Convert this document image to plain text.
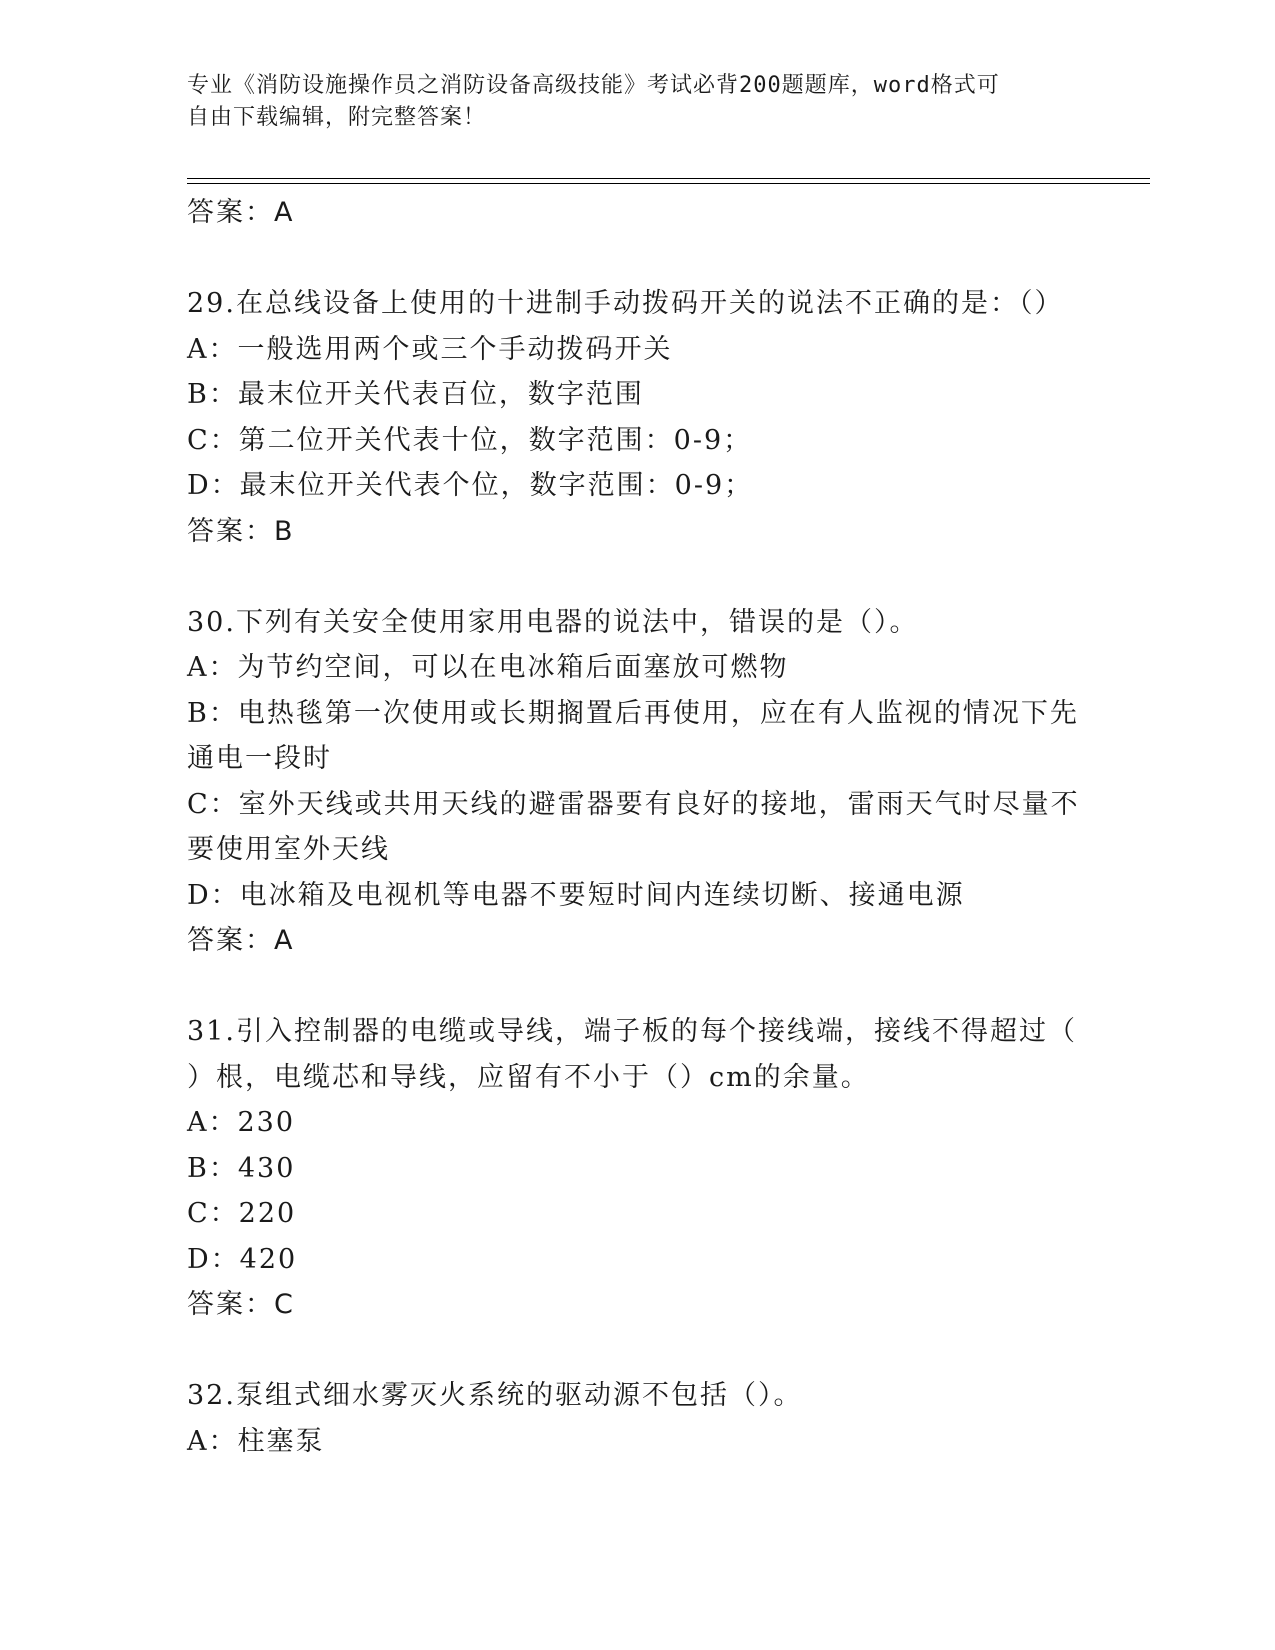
专业《消防设施操作员之消防设备高级技能》考试必背200题题库，word格式可
自由下载编辑，附完整答案！
答案：A
29.在总线设备上使用的十进制手动拨码开关的说法不正确的是：（）
A：一般选用两个或三个手动拨码开关
B：最末位开关代表百位，数字范围
C：第二位开关代表十位，数字范围：0-9；
D：最末位开关代表个位，数字范围：0-9；
答案：B
30.下列有关安全使用家用电器的说法中，错误的是（）。
A：为节约空间，可以在电冰箱后面塞放可燃物
B：电热毯第一次使用或长期搁置后再使用，应在有人监视的情况下先
通电一段时
C：室外天线或共用天线的避雷器要有良好的接地，雷雨天气时尽量不
要使用室外天线
D：电冰箱及电视机等电器不要短时间内连续切断、接通电源
答案：A
31.引入控制器的电缆或导线，端子板的每个接线端，接线不得超过（
）根，电缆芯和导线，应留有不小于（）cm的余量。
A：230
B：430
C：220
D：420
答案：C
32.泵组式细水雾灭火系统的驱动源不包括（）。
A：柱塞泵
